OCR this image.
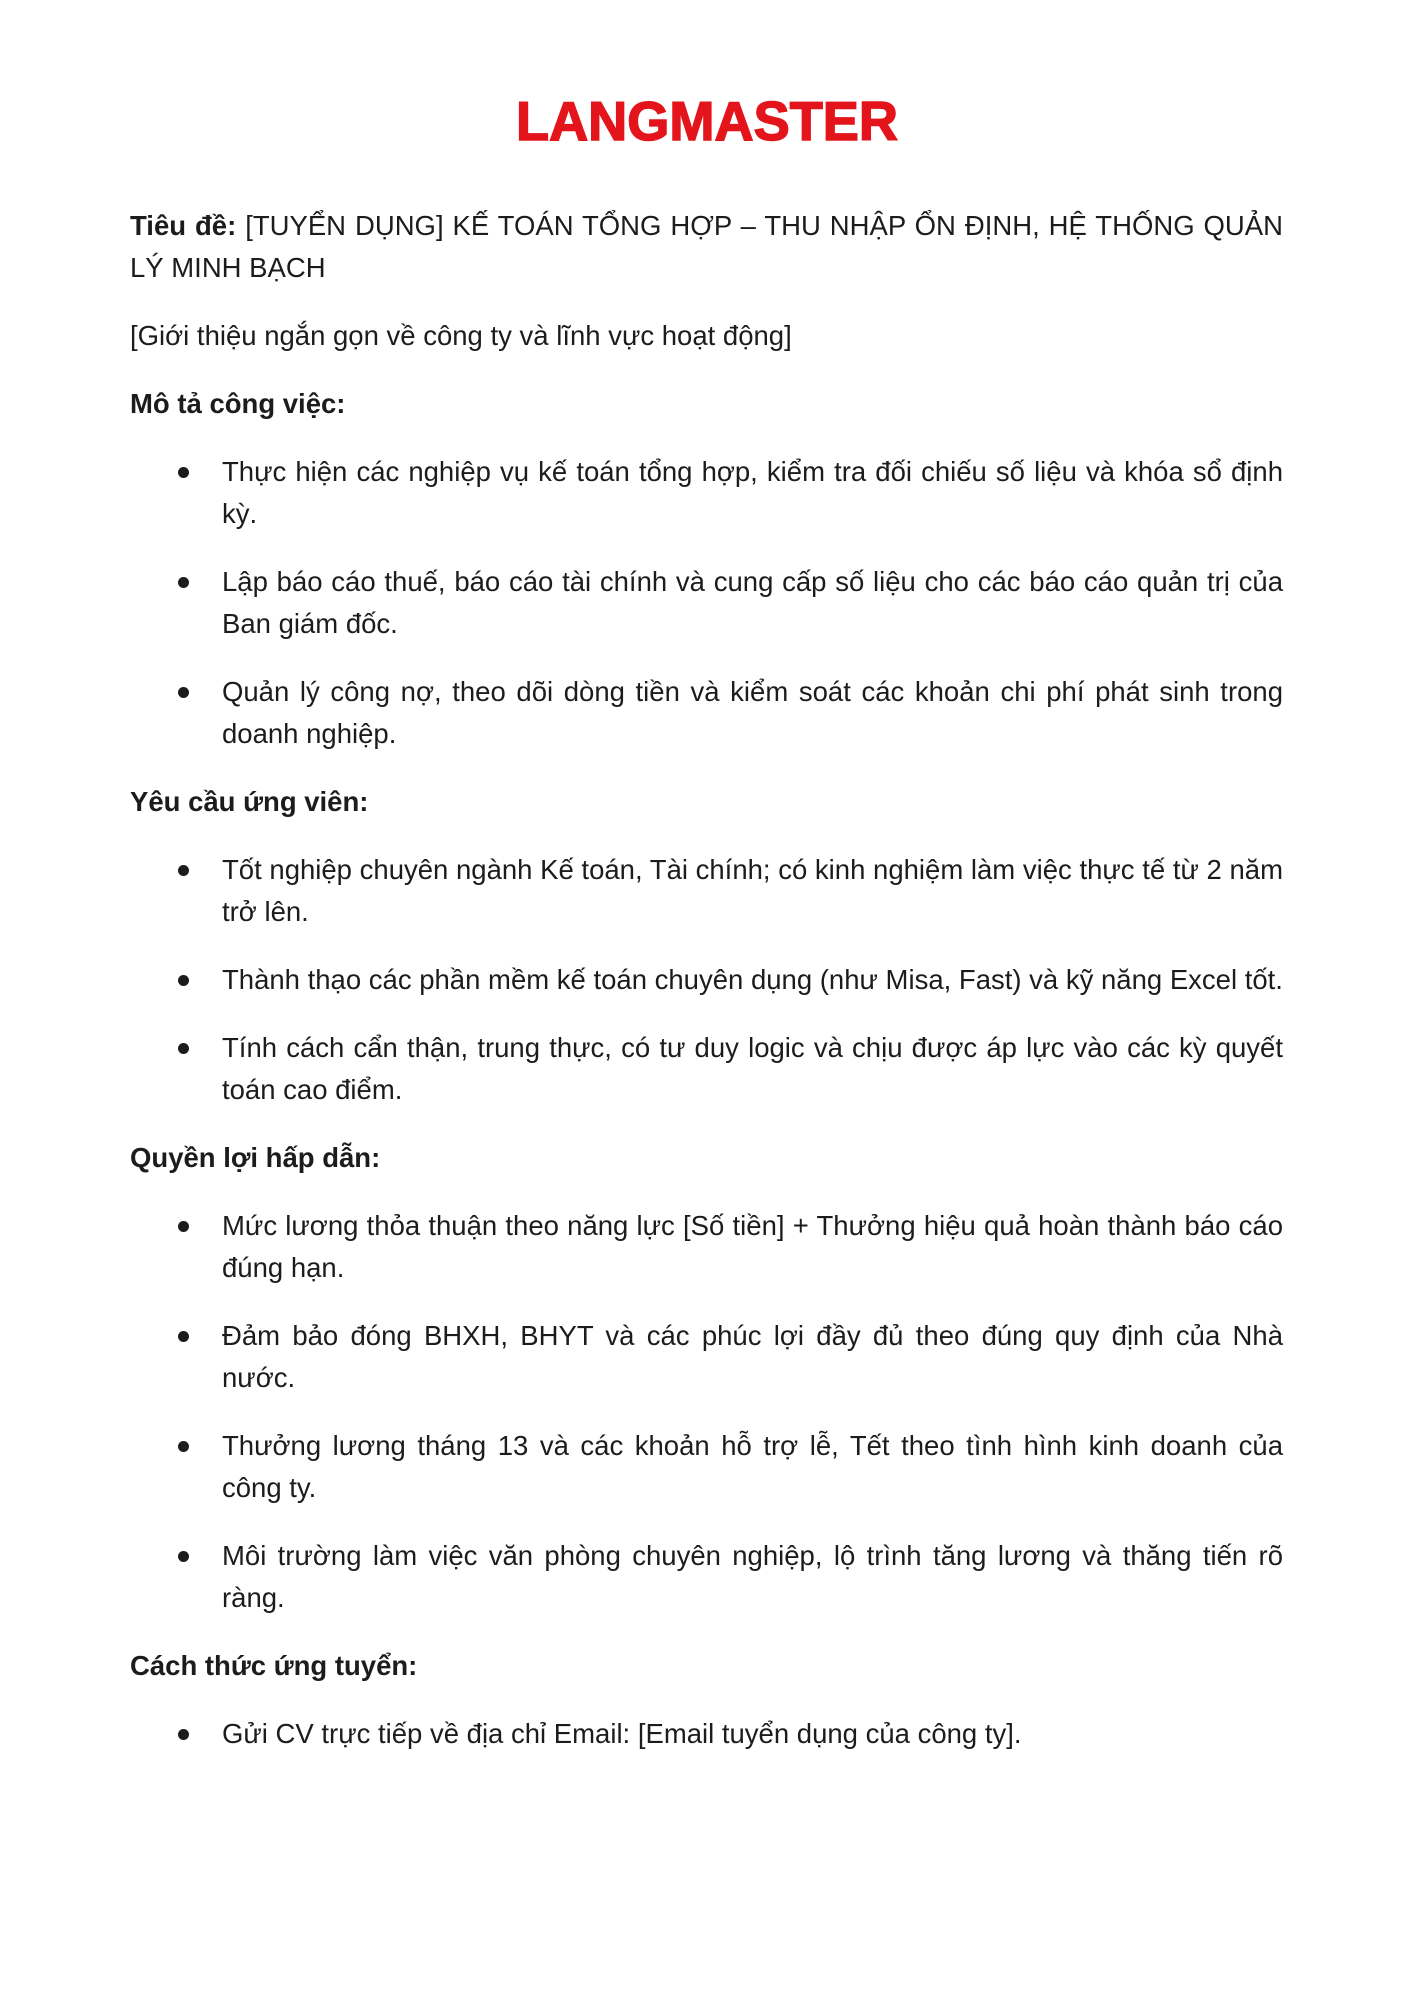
LANGMASTER

Tiêu đề: [TUYỂN DỤNG] KẾ TOÁN TỔNG HỢP – THU NHẬP ỔN ĐỊNH, HỆ THỐNG QUẢN LÝ MINH BẠCH

[Giới thiệu ngắn gọn về công ty và lĩnh vực hoạt động]

Mô tả công việc:

Thực hiện các nghiệp vụ kế toán tổng hợp, kiểm tra đối chiếu số liệu và khóa sổ định kỳ.
Lập báo cáo thuế, báo cáo tài chính và cung cấp số liệu cho các báo cáo quản trị của Ban giám đốc.
Quản lý công nợ, theo dõi dòng tiền và kiểm soát các khoản chi phí phát sinh trong doanh nghiệp.

Yêu cầu ứng viên:

Tốt nghiệp chuyên ngành Kế toán, Tài chính; có kinh nghiệm làm việc thực tế từ 2 năm trở lên.
Thành thạo các phần mềm kế toán chuyên dụng (như Misa, Fast) và kỹ năng Excel tốt.
Tính cách cẩn thận, trung thực, có tư duy logic và chịu được áp lực vào các kỳ quyết toán cao điểm.

Quyền lợi hấp dẫn:

Mức lương thỏa thuận theo năng lực [Số tiền] + Thưởng hiệu quả hoàn thành báo cáo đúng hạn.
Đảm bảo đóng BHXH, BHYT và các phúc lợi đầy đủ theo đúng quy định của Nhà nước.
Thưởng lương tháng 13 và các khoản hỗ trợ lễ, Tết theo tình hình kinh doanh của công ty.
Môi trường làm việc văn phòng chuyên nghiệp, lộ trình tăng lương và thăng tiến rõ ràng.

Cách thức ứng tuyển:

Gửi CV trực tiếp về địa chỉ Email: [Email tuyển dụng của công ty].
